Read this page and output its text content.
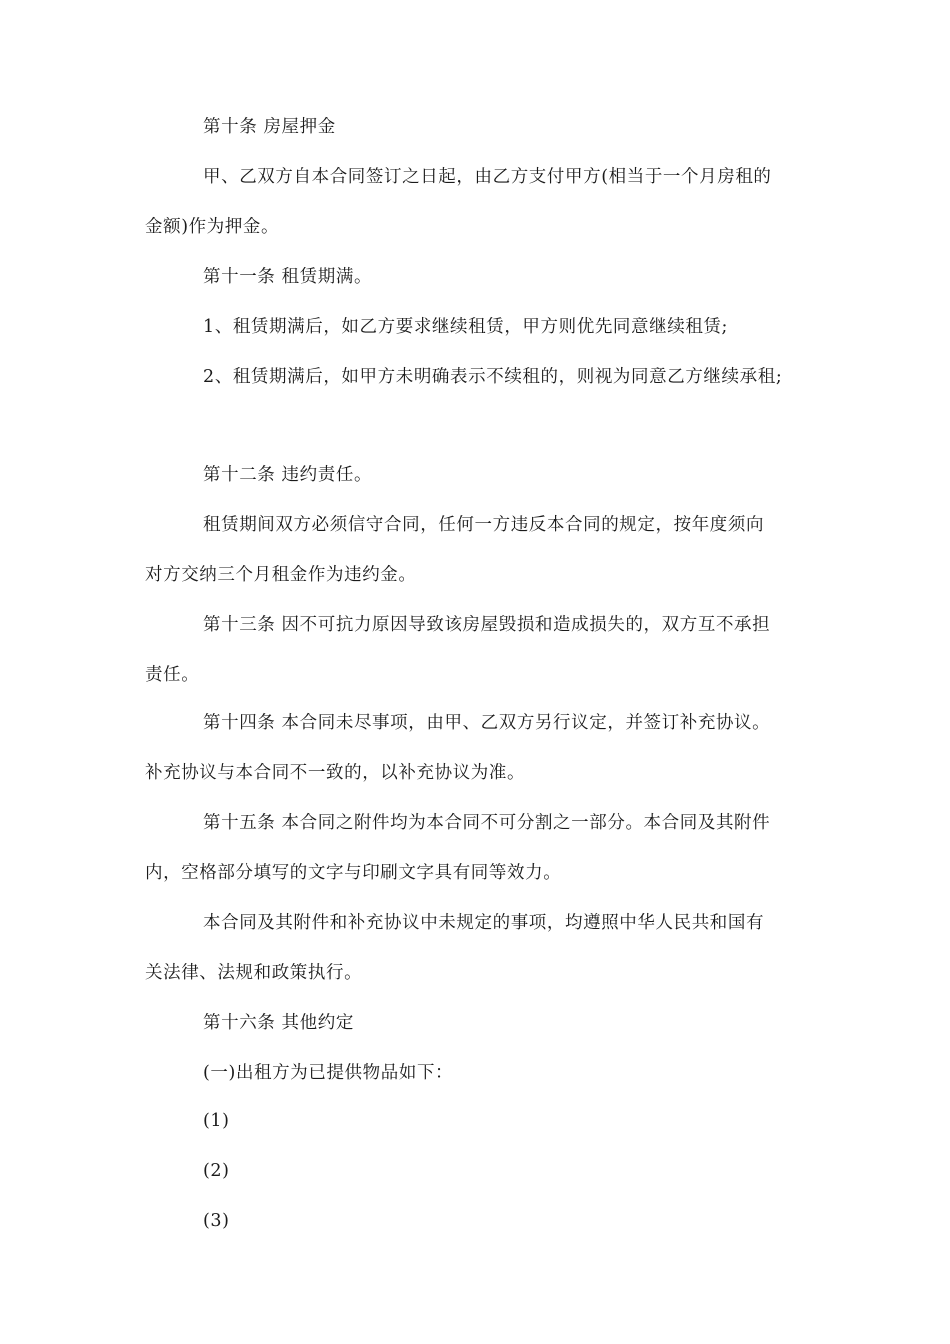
第十条 房屋押金

甲、乙双方自本合同签订之日起，由乙方支付甲方(相当于一个月房租的
金额)作为押金。

第十一条 租赁期满。

1、租赁期满后，如乙方要求继续租赁，甲方则优先同意继续租赁;

2、租赁期满后，如甲方未明确表示不续租的，则视为同意乙方继续承租;

第十二条 违约责任。

租赁期间双方必须信守合同，任何一方违反本合同的规定，按年度须向
对方交纳三个月租金作为违约金。

第十三条 因不可抗力原因导致该房屋毁损和造成损失的，双方互不承担
责任。

第十四条 本合同未尽事项，由甲、乙双方另行议定，并签订补充协议。
补充协议与本合同不一致的，以补充协议为准。

第十五条 本合同之附件均为本合同不可分割之一部分。本合同及其附件
内，空格部分填写的文字与印刷文字具有同等效力。

本合同及其附件和补充协议中未规定的事项，均遵照中华人民共和国有
关法律、法规和政策执行。

第十六条 其他约定

(一)出租方为已提供物品如下：

(1)

(2)

(3)
